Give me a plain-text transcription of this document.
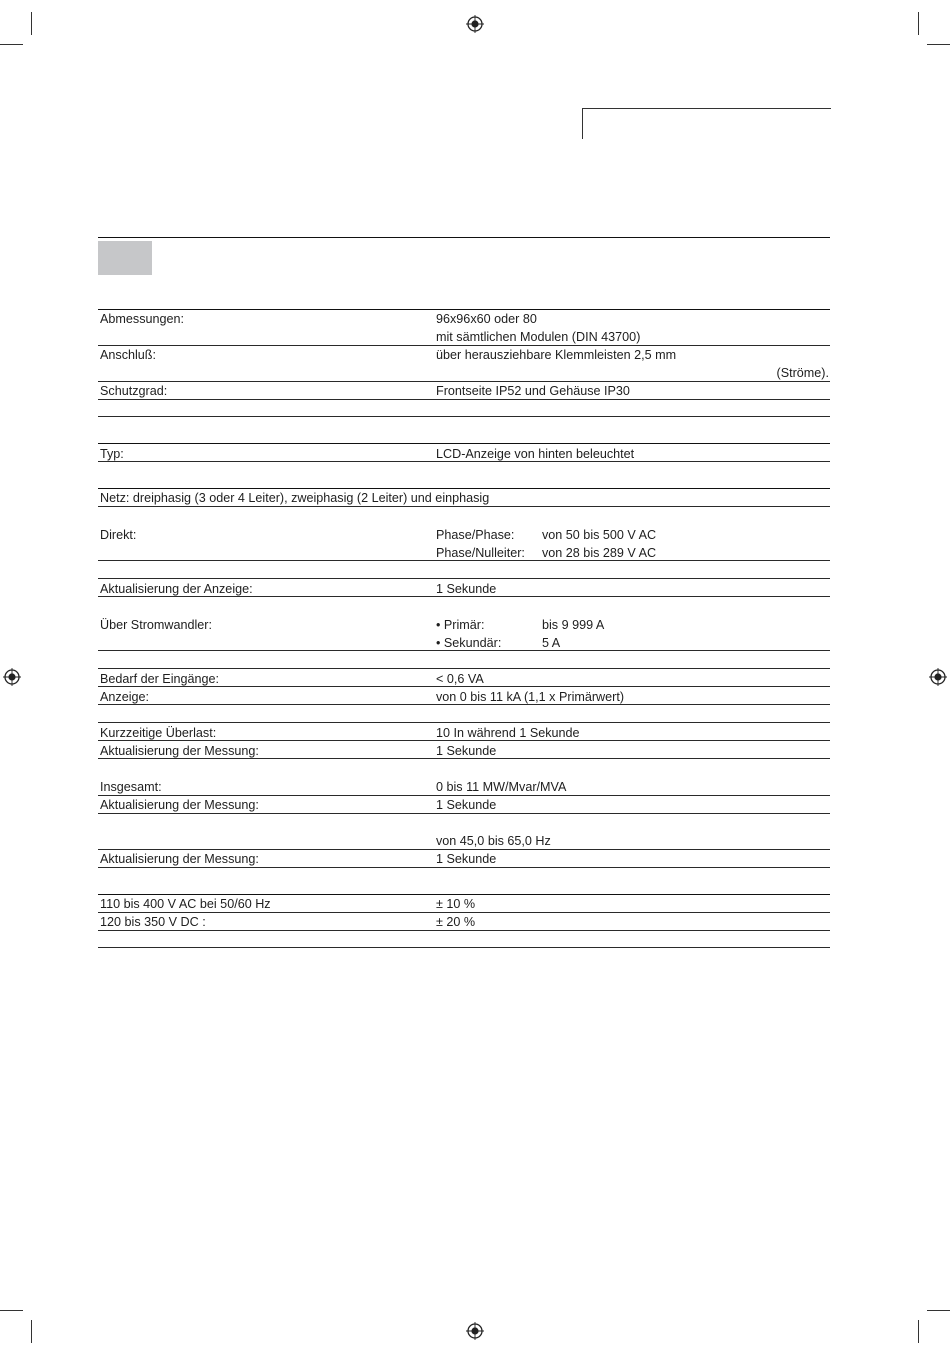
Abmessungen:	96x96x60 oder 80
mit sämtlichen Modulen (DIN 43700)
Anschluß:	über herausziehbare Klemmleisten 2,5 mm
(Ströme).
Schutzgrad:	Frontseite IP52 und Gehäuse IP30
Typ:	LCD-Anzeige von hinten beleuchtet
Netz: dreiphasig (3 oder 4 Leiter), zweiphasig (2 Leiter) und einphasig
Direkt:	Phase/Phase: von 50 bis 500 V AC
Phase/Nulleiter: von 28 bis 289 V AC
Aktualisierung der Anzeige:	1 Sekunde
Über Stromwandler:	• Primär:	bis 9 999 A
• Sekundär:	5 A
Bedarf der Eingänge:	< 0,6 VA
Anzeige:	von 0 bis 11 kA (1,1 x Primärwert)
Kurzzeitige Überlast:	10 In während 1 Sekunde
Aktualisierung der Messung:	1 Sekunde
Insgesamt:	0 bis 11 MW/Mvar/MVA
Aktualisierung der Messung:	1 Sekunde
von 45,0 bis 65,0 Hz
Aktualisierung der Messung:	1 Sekunde
110 bis 400 V AC bei 50/60 Hz	± 10 %
120 bis 350 V DC :	± 20 %
